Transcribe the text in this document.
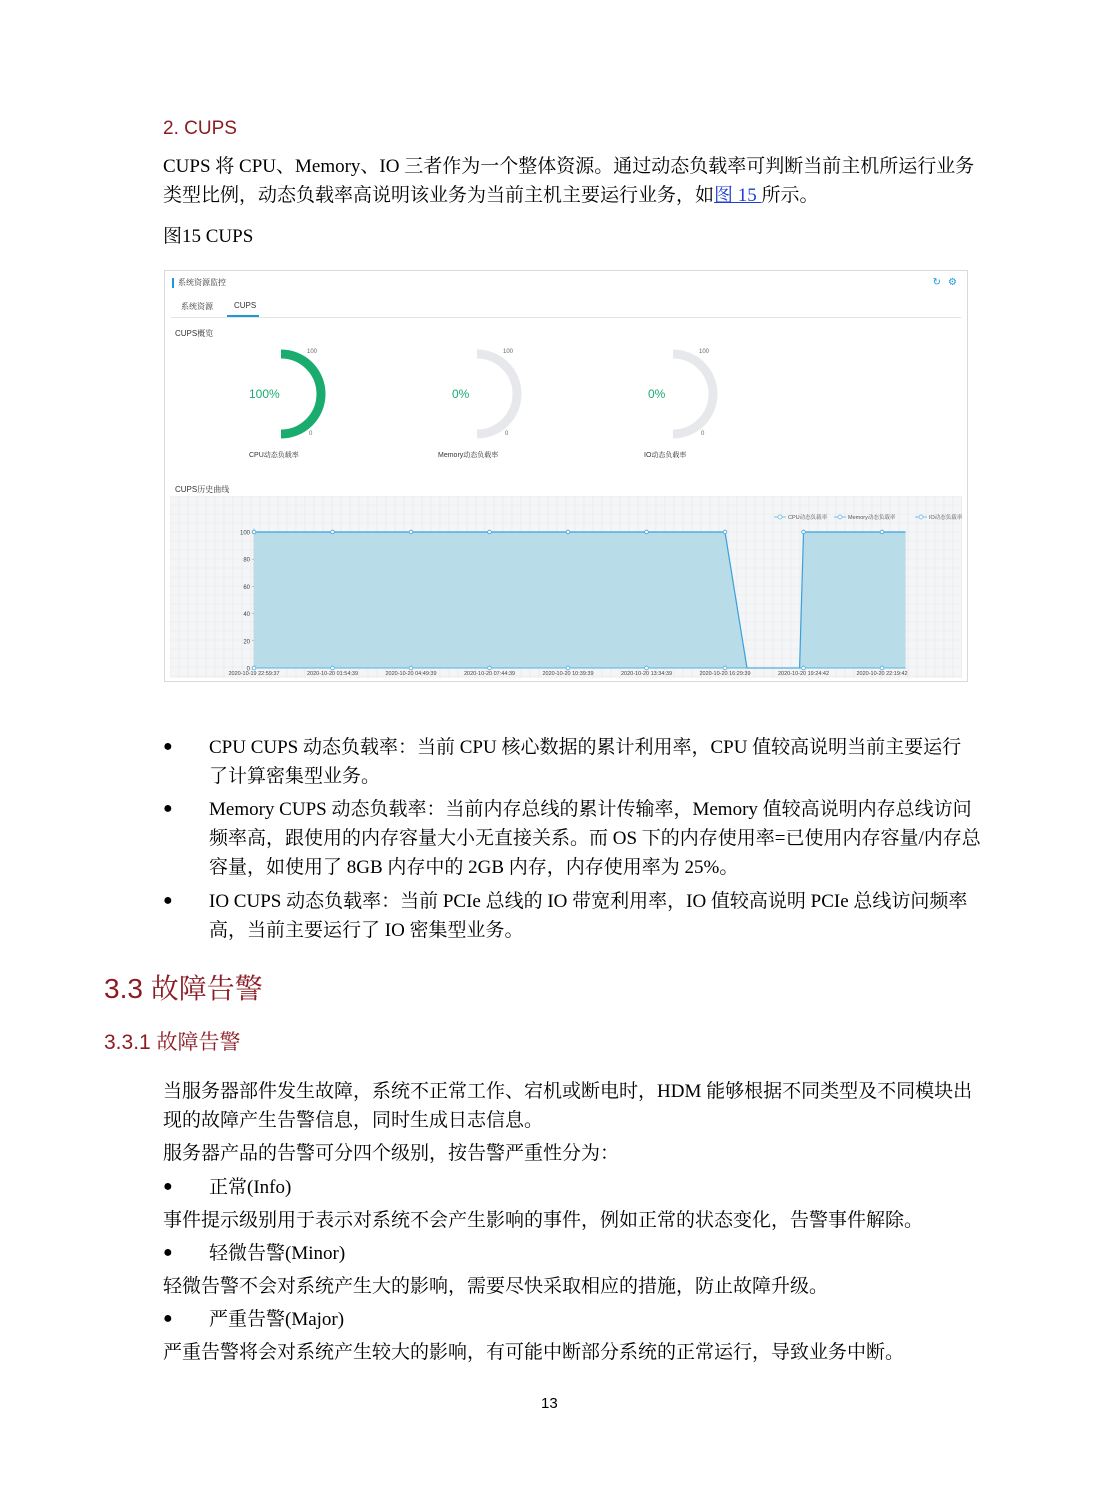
2. CUPS
CUPS 将 CPU、Memory、IO 三者作为一个整体资源。通过动态负载率可判断当前主机所运行业务
类型比例，动态负载率高说明该业务为当前主机主要运行业务，如图 15 所示。
图15 CUPS
系统资源监控	↻ ⚙
系统资源	CUPS
CUPS概览
100
0
100%
CPU动态负载率
100
0
0%
Memory动态负载率
100
0
0%
IO动态负载率
CUPS历史曲线
0
20
40
60
80
100
2020-10-19 22:59:37	2020-10-20 01:54:39	2020-10-20 04:49:39	2020-10-20 07:44:39	2020-10-20 10:39:39	2020-10-20 13:34:39	2020-10-20 16:29:39	2020-10-20 19:24:42	2020-10-20 22:19:42
CPU动态负载率	Memory动态负载率	IO动态负载率
● CPU CUPS 动态负载率：当前 CPU 核心数据的累计利用率，CPU 值较高说明当前主要运行
了计算密集型业务。
● Memory CUPS 动态负载率：当前内存总线的累计传输率，Memory 值较高说明内存总线访问
频率高，跟使用的内存容量大小无直接关系。而 OS 下的内存使用率=已使用内存容量/内存总
容量，如使用了 8GB 内存中的 2GB 内存，内存使用率为 25%。
● IO CUPS 动态负载率：当前 PCIe 总线的 IO 带宽利用率，IO 值较高说明 PCIe 总线访问频率
高，当前主要运行了 IO 密集型业务。
3.3 故障告警
3.3.1 故障告警
当服务器部件发生故障，系统不正常工作、宕机或断电时，HDM 能够根据不同类型及不同模块出
现的故障产生告警信息，同时生成日志信息。
服务器产品的告警可分四个级别，按告警严重性分为：
● 正常(Info)
事件提示级别用于表示对系统不会产生影响的事件，例如正常的状态变化，告警事件解除。
● 轻微告警(Minor)
轻微告警不会对系统产生大的影响，需要尽快采取相应的措施，防止故障升级。
● 严重告警(Major)
严重告警将会对系统产生较大的影响，有可能中断部分系统的正常运行，导致业务中断。
13
